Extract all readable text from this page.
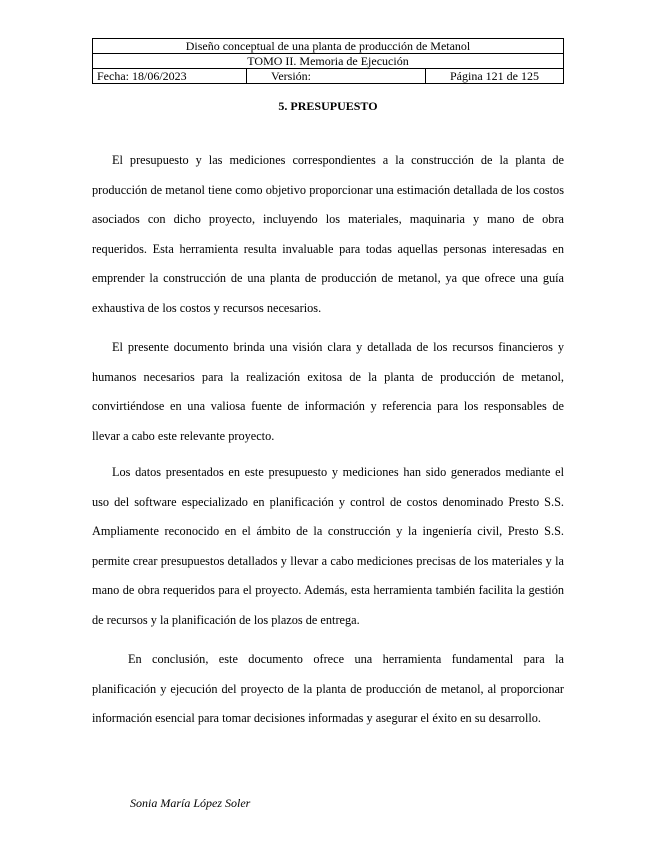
Diseño conceptual de una planta de producción de Metanol
TOMO II. Memoria de Ejecución
Fecha: 18/06/2023	Versión:	Página 121 de 125
5. PRESUPUESTO

El presupuesto y las mediciones correspondientes a la construcción de la planta de producción de metanol tiene como objetivo proporcionar una estimación detallada de los costos asociados con dicho proyecto, incluyendo los materiales, maquinaria y mano de obra requeridos. Esta herramienta resulta invaluable para todas aquellas personas interesadas en emprender la construcción de una planta de producción de metanol, ya que ofrece una guía exhaustiva de los costos y recursos necesarios.

El presente documento brinda una visión clara y detallada de los recursos financieros y humanos necesarios para la realización exitosa de la planta de producción de metanol, convirtiéndose en una valiosa fuente de información y referencia para los responsables de llevar a cabo este relevante proyecto.

Los datos presentados en este presupuesto y mediciones han sido generados mediante el uso del software especializado en planificación y control de costos denominado Presto S.S. Ampliamente reconocido en el ámbito de la construcción y la ingeniería civil, Presto S.S. permite crear presupuestos detallados y llevar a cabo mediciones precisas de los materiales y la mano de obra requeridos para el proyecto. Además, esta herramienta también facilita la gestión de recursos y la planificación de los plazos de entrega.

En conclusión, este documento ofrece una herramienta fundamental para la planificación y ejecución del proyecto de la planta de producción de metanol, al proporcionar información esencial para tomar decisiones informadas y asegurar el éxito en su desarrollo.

Sonia María López Soler
